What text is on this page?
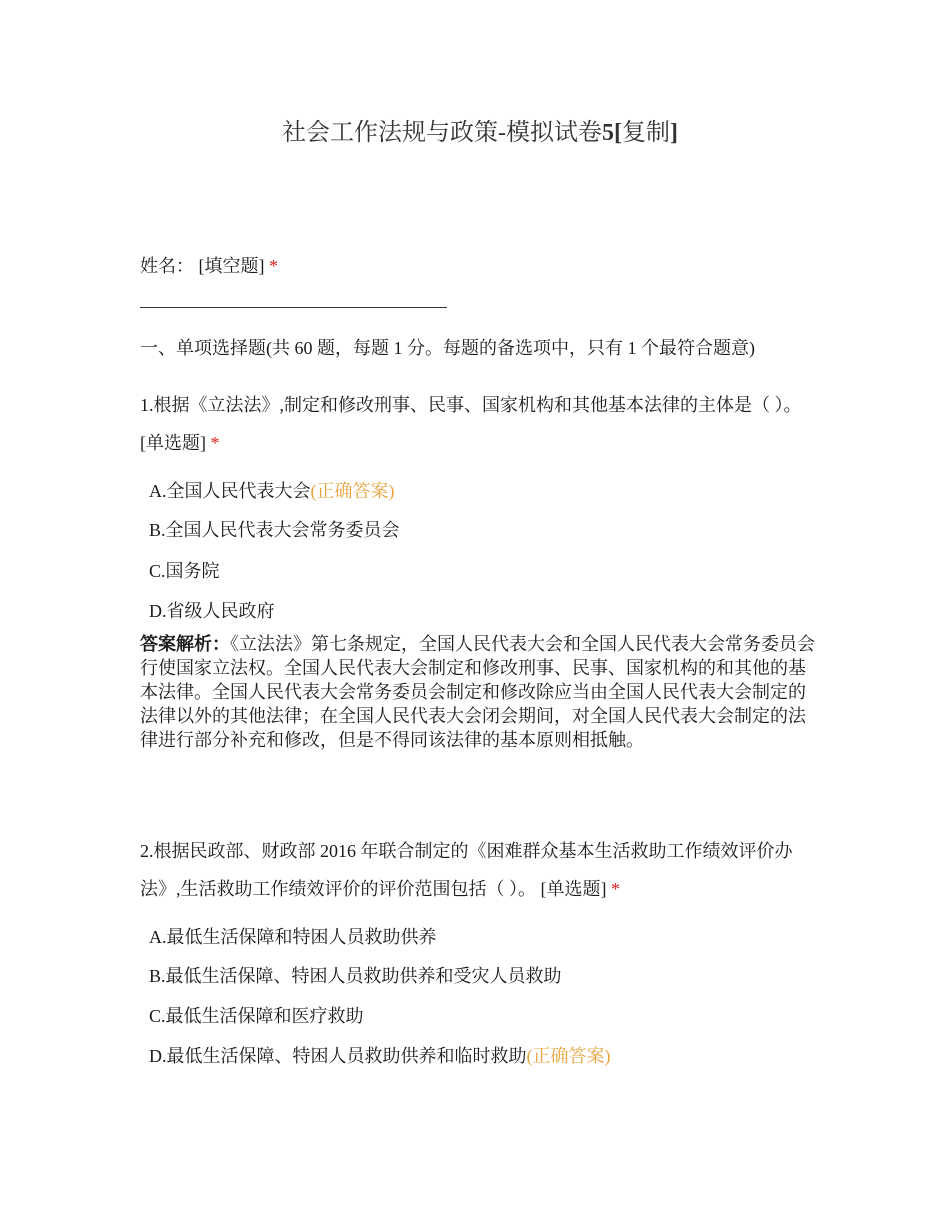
社会工作法规与政策-模拟试卷5[复制]
姓名： [填空题] *
一、单项选择题(共 60 题，每题 1 分。每题的备选项中，只有 1 个最符合题意)
1.根据《立法法》,制定和修改刑事、民事、国家机构和其他基本法律的主体是（ ）。 [单选题] *
A.全国人民代表大会(正确答案)
B.全国人民代表大会常务委员会
C.国务院
D.省级人民政府
答案解析：《立法法》第七条规定，全国人民代表大会和全国人民代表大会常务委员会行使国家立法权。全国人民代表大会制定和修改刑事、民事、国家机构的和其他的基本法律。全国人民代表大会常务委员会制定和修改除应当由全国人民代表大会制定的法律以外的其他法律；在全国人民代表大会闭会期间，对全国人民代表大会制定的法律进行部分补充和修改，但是不得同该法律的基本原则相抵触。
2.根据民政部、财政部 2016 年联合制定的《困难群众基本生活救助工作绩效评价办法》,生活救助工作绩效评价的评价范围包括（ ）。 [单选题] *
A.最低生活保障和特困人员救助供养
B.最低生活保障、特困人员救助供养和受灾人员救助
C.最低生活保障和医疗救助
D.最低生活保障、特困人员救助供养和临时救助(正确答案)
